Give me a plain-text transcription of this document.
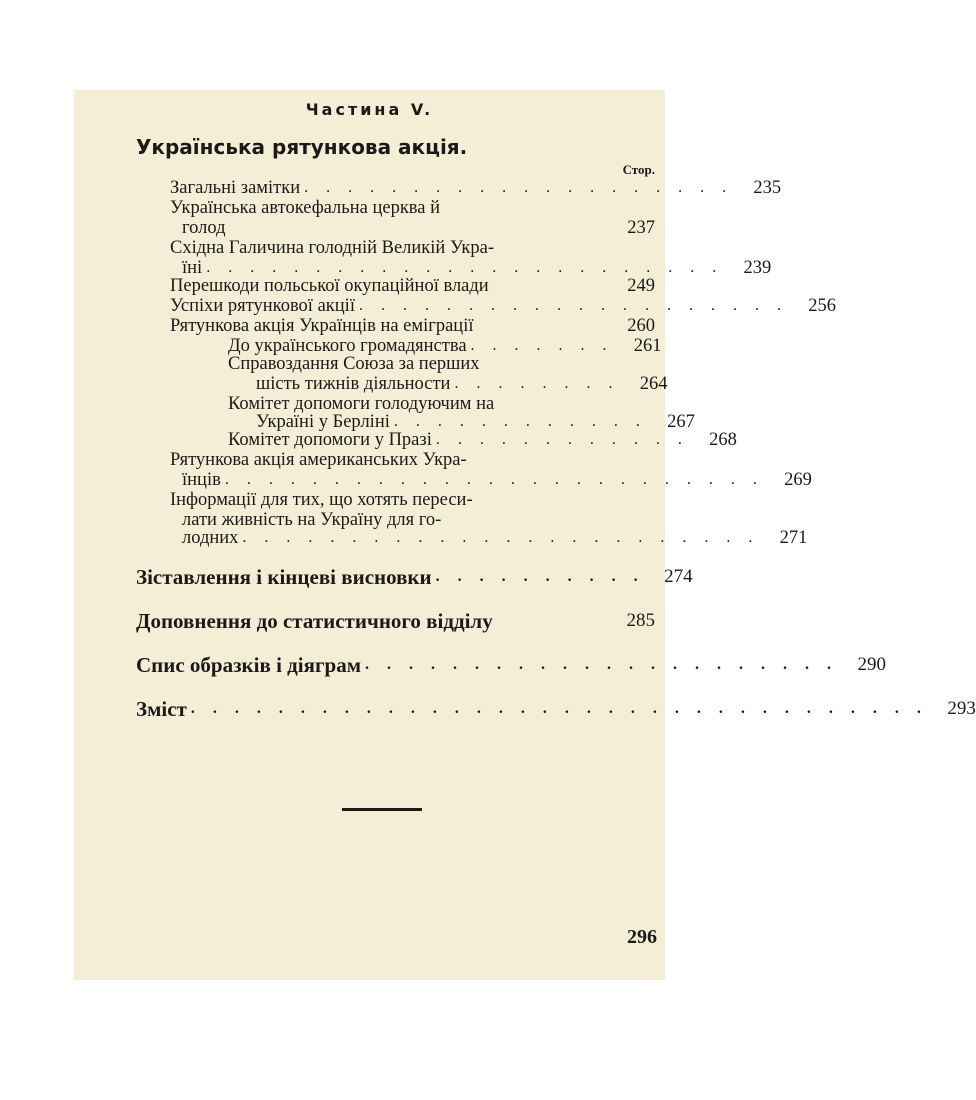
Частина V.
Українська рятункова акція.
Стор.
Загальні замітки . . . . . . . . . . . . . . . . . . . .	235
Українська автокефальна церква й
голод	237
Східна Галичина голодній Великій Укра-
їні . . . . . . . . . . . . . . . . . . . . . . . .	239
Перешкоди польської окупаційної влади	249
Успіхи рятункової акції . . . . . . . . . . . . . . . . . . . .	256
Рятункова акція Українців на еміграції	260
До українського громадянства . . . . . . .	261
Справоздання Союза за перших
шість тижнів діяльности . . . . . . . .	264
Комітет допомоги голодуючим на
Україні у Берліні . . . . . . . . . . . .	267
Комітет допомоги у Празі . . . . . . . . . . . .	268
Рятункова акція американських Укра-
їнців . . . . . . . . . . . . . . . . . . . . . . . . .	269
Інформації для тих, що хотять переси-
лати живність на Україну для го-
лодних . . . . . . . . . . . . . . . . . . . . . . . .	271
Зіставлення і кінцеві висновки . . . . . . . . . .	274
Доповнення до статистичного відділу	285
Спис образків і діяграм . . . . . . . . . . . . . . . . . . . . . .	290
Зміст . . . . . . . . . . . . . . . . . . . . . . . . . . . . . . . . . .	293
296
